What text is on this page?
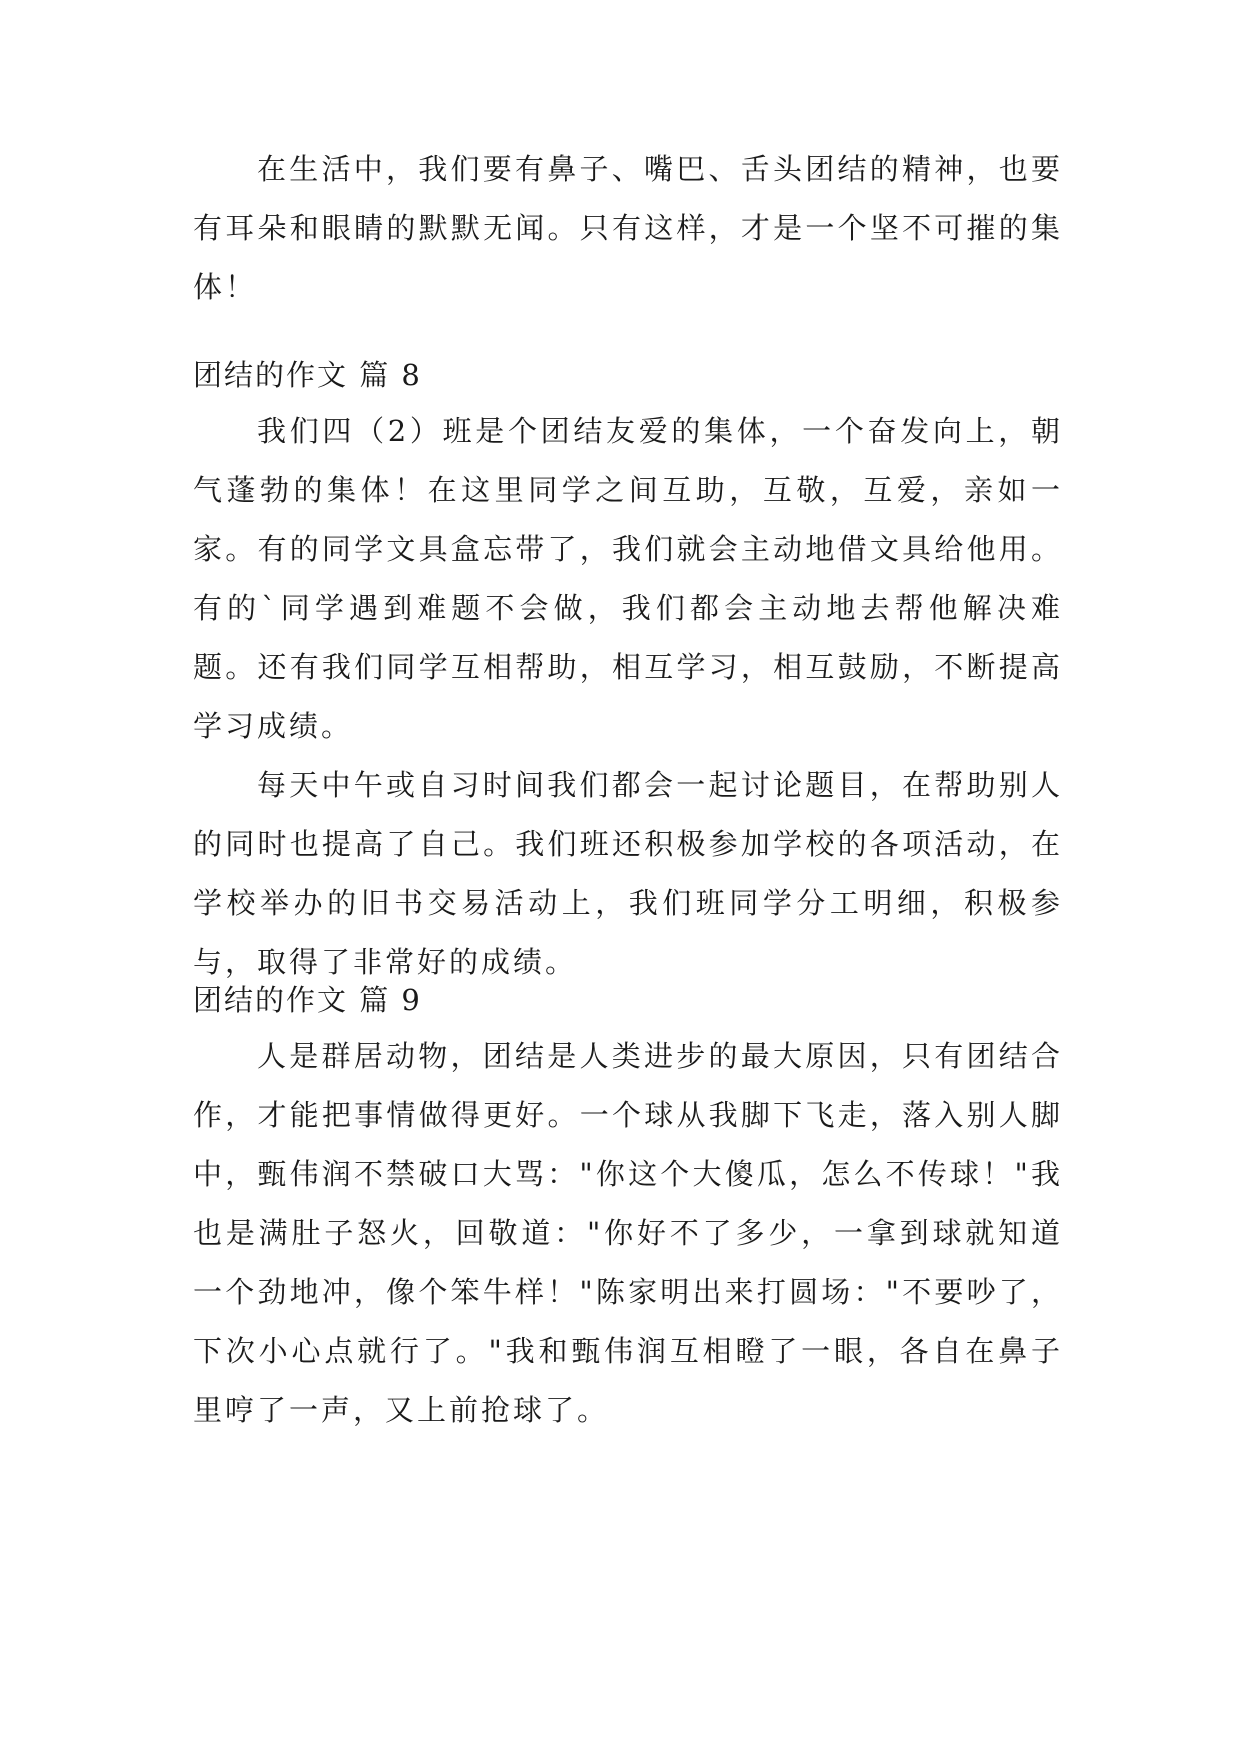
在生活中，我们要有鼻子、嘴巴、舌头团结的精神，也要有耳朵和眼睛的默默无闻。只有这样，才是一个坚不可摧的集体！

团结的作文 篇 8

我们四（2）班是个团结友爱的集体，一个奋发向上，朝气蓬勃的集体！在这里同学之间互助，互敬，互爱，亲如一家。有的同学文具盒忘带了，我们就会主动地借文具给他用。有的`同学遇到难题不会做，我们都会主动地去帮他解决难题。还有我们同学互相帮助，相互学习，相互鼓励，不断提高学习成绩。

每天中午或自习时间我们都会一起讨论题目，在帮助别人的同时也提高了自己。我们班还积极参加学校的各项活动，在学校举办的旧书交易活动上，我们班同学分工明细，积极参与，取得了非常好的成绩。

团结的作文 篇 9

人是群居动物，团结是人类进步的最大原因，只有团结合作，才能把事情做得更好。一个球从我脚下飞走，落入别人脚中，甄伟润不禁破口大骂："你这个大傻瓜，怎么不传球！"我也是满肚子怒火，回敬道："你好不了多少，一拿到球就知道一个劲地冲，像个笨牛样！"陈家明出来打圆场："不要吵了，下次小心点就行了。"我和甄伟润互相瞪了一眼，各自在鼻子里哼了一声，又上前抢球了。
